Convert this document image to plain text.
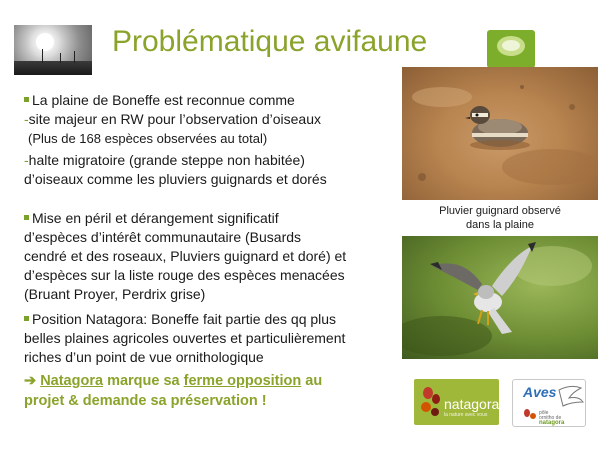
Problématique avifaune
La plaine de Boneffe est reconnue comme
-site majeur en RW pour l’observation d’oiseaux
(Plus de 168 espèces observées au total)
-halte migratoire (grande steppe non habitée)
d’oiseaux comme les pluviers guignards et dorés
Mise en péril et dérangement significatif
d’espèces d’intérêt communautaire (Busards
cendré et des roseaux, Pluviers guignard et doré) et
d’espèces sur la liste rouge des espèces menacées
(Bruant Proyer, Perdrix grise)
Position Natagora: Boneffe fait partie des qq plus
belles plaines agricoles ouvertes et particulièrement
riches d’un point de vue ornithologique
➔ Natagora marque sa ferme opposition au
projet & demande sa préservation !
Pluvier guignard observé
dans la plaine
natagora
la nature avec vous
Aves
pôle
ornitho de
natagora
